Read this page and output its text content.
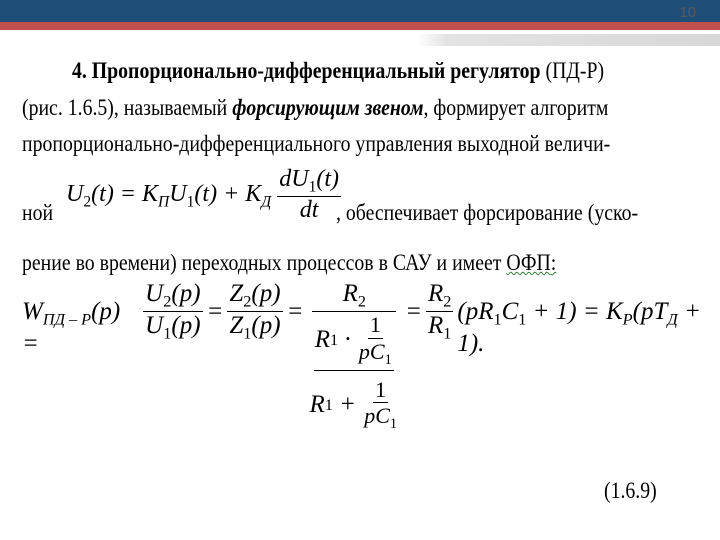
10
4. Пропорционально-дифференциальный регулятор (ПД-Р)
(рис. 1.6.5), называемый форсирующим звеном, формирует алгоритм
пропорционально-дифференциального управления выходной величи-
ной
$U_2(t) = K_ПU_1(t) + K_Д \frac{dU_1(t)}{dt}$
, обеспечивает форсирование (уско-
рение во времени) переходных процессов в САУ и имеет ОФП:
$W_{ПД - P}(p)$ =	$\frac{U_2(p)}{U_1(p)} = \frac{Z_2(p)}{Z_1(p)} = R_2$
R $1 \cdot \frac{1}{pC_1}$
R $1 + \frac{1}{pC_1} = \frac{R_2}{R_1} (pR_1C_1 + 1) = K_P(pT_Д + 1)$.
(1.6.9)
